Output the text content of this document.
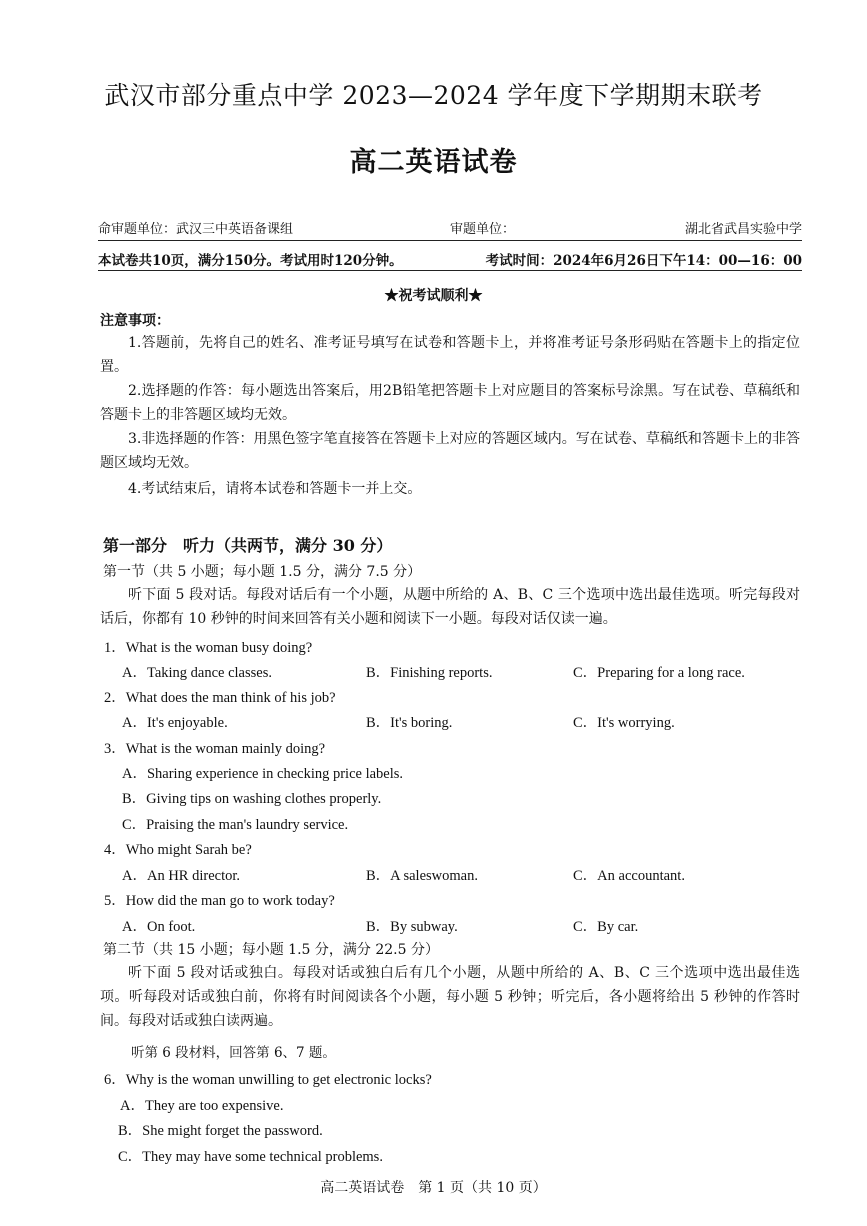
武汉市部分重点中学 2023—2024 学年度下学期期末联考
高二英语试卷
命审题单位：武汉三中英语备课组	审题单位：	湖北省武昌实验中学
本试卷共10页，满分150分。考试用时120分钟。	考试时间：2024年6月26日下午14：00—16：00
★祝考试顺利★
注意事项：
1.答题前，先将自己的姓名、准考证号填写在试卷和答题卡上，并将准考证号条形码贴在答题卡上的指定位置。
2.选择题的作答：每小题选出答案后，用2B铅笔把答题卡上对应题目的答案标号涂黑。写在试卷、草稿纸和答题卡上的非答题区域均无效。
3.非选择题的作答：用黑色签字笔直接答在答题卡上对应的答题区域内。写在试卷、草稿纸和答题卡上的非答题区域均无效。
4.考试结束后，请将本试卷和答题卡一并上交。
第一部分　听力（共两节，满分 30 分）
第一节（共 5 小题；每小题 1.5 分，满分 7.5 分）
听下面 5 段对话。每段对话后有一个小题，从题中所给的 A、B、C 三个选项中选出最佳选项。听完每段对话后，你都有 10 秒钟的时间来回答有关小题和阅读下一小题。每段对话仅读一遍。
1．What is the woman busy doing?
A．Taking dance classes.	B．Finishing reports.	C．Preparing for a long race.
2．What does the man think of his job?
A．It's enjoyable.	B．It's boring.	C．It's worrying.
3．What is the woman mainly doing?
A．Sharing experience in checking price labels.
B．Giving tips on washing clothes properly.
C．Praising the man's laundry service.
4．Who might Sarah be?
A．An HR director.	B．A saleswoman.	C．An accountant.
5．How did the man go to work today?
A．On foot.	B．By subway.	C．By car.
第二节（共 15 小题；每小题 1.5 分，满分 22.5 分）
听下面 5 段对话或独白。每段对话或独白后有几个小题，从题中所给的 A、B、C 三个选项中选出最佳选项。听每段对话或独白前，你将有时间阅读各个小题，每小题 5 秒钟；听完后，各小题将给出 5 秒钟的作答时间。每段对话或独白读两遍。
听第 6 段材料，回答第 6、7 题。
6．Why is the woman unwilling to get electronic locks?
A．They are too expensive.
B．She might forget the password.
C．They may have some technical problems.
高二英语试卷　第 1 页（共 10 页）
